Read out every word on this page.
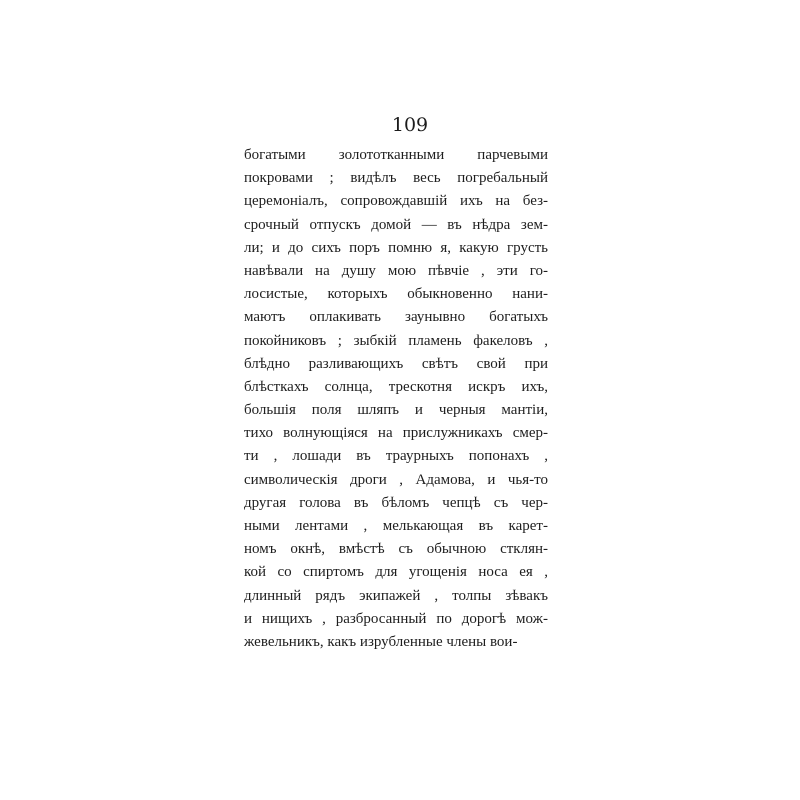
109
богатыми золототканными парчевыми
покровами ; видѣлъ весь погребальный
церемоніалъ, сопровождавшій ихъ на без-
срочный отпускъ домой — въ нѣдра зем-
ли; и до сихъ поръ помню я, какую грусть
навѣвали на душу мою пѣвчіе , эти го-
лосистые, которыхъ обыкновенно нани-
маютъ оплакивать заунывно богатыхъ
покойниковъ ; зыбкій пламень факеловъ ,
блѣдно разливающихъ свѣтъ свой при
блѣсткахъ солнца, трескотня искръ ихъ,
большія поля шляпъ и черныя мантіи,
тихо волнующіяся на прислужникахъ смер-
ти , лошади въ траурныхъ попонахъ ,
символическія дроги , Адамова, и чья-то
другая голова въ бѣломъ чепцѣ съ чер-
ными лентами , мелькающая въ карет-
номъ окнѣ, вмѣстѣ съ обычною стклян-
кой со спиртомъ для угощенія носа ея ,
длинный рядъ экипажей , толпы зѣвакъ
и нищихъ , разбросанный по дорогѣ мож-
жевельникъ, какъ изрубленные члены вои-
